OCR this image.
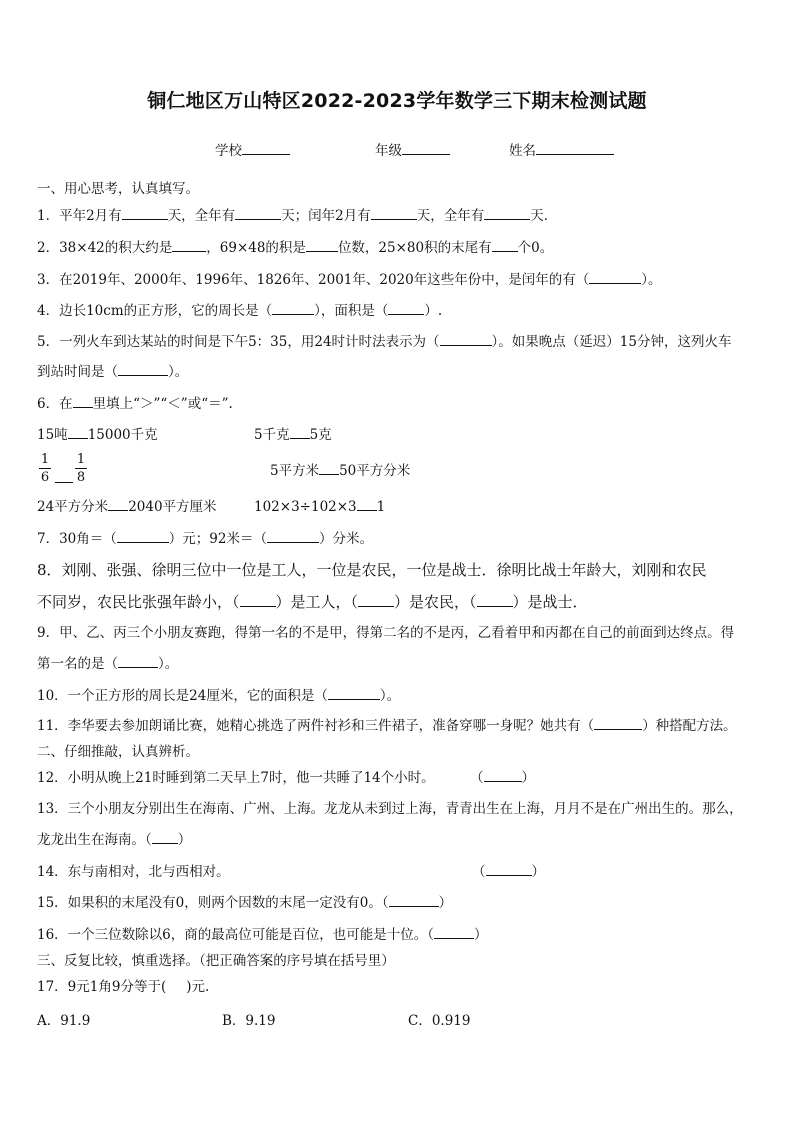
铜仁地区万山特区2022-2023学年数学三下期末检测试题
学校	年级	姓名
一、用心思考，认真填写。
1．平年2月有	天，全年有	天；闰年2月有	天，全年有	天．
2．38×42的积大约是	，69×48的积是 位数，25×80积的末尾有 个0。
3．在2019年、2000年、1996年、1826年、2001年、2020年这些年份中，是闰年的有（	）。
4．边长10cm的正方形，它的周长是（	），面积是（	）.
5．一列火车到达某站的时间是下午5：35，用24时计时法表示为（	）。如果晚点（延迟）15分钟，这列火车
到站时间是（	）。
6．在 里填上“＞”“＜”或“＝”.
15吨 15000千克	5千克 5克
1
6
1
8	5平方米 50平方分米
24平方分米 2040平方厘米	102×3÷102×3 1
7．30角＝（	）元；92米＝（	）分米。
8．刘刚、张强、徐明三位中一位是工人，一位是农民，一位是战士．徐明比战士年龄大，刘刚和农民
不同岁，农民比张强年龄小，（ ）是工人，（ ）是农民，（ ）是战士．
9．甲、乙、丙三个小朋友赛跑，得第一名的不是甲，得第二名的不是丙，乙看着甲和丙都在自己的前面到达终点。得
第一名的是（	）。
10．一个正方形的周长是24厘米，它的面积是（	）。
11．李华要去参加朗诵比赛，她精心挑选了两件衬衫和三件裙子，准备穿哪一身呢？她共有（	）种搭配方法。
二、仔细推敲，认真辨析。
12．小明从晚上21时睡到第二天早上7时，他一共睡了14个小时。	（	）
13．三个小朋友分别出生在海南、广州、上海。龙龙从未到过上海，青青出生在上海，月月不是在广州出生的。那么，
龙龙出生在海南。（ ）
14．东与南相对，北与西相对。	（	）
15．如果积的末尾没有0，则两个因数的末尾一定没有0。（	）
16．一个三位数除以6，商的最高位可能是百位，也可能是十位。（	）
三、反复比较，慎重选择。（把正确答案的序号填在括号里）
17．9元1角9分等于( )元.
A．91.9	B．9.19	C．0.919
